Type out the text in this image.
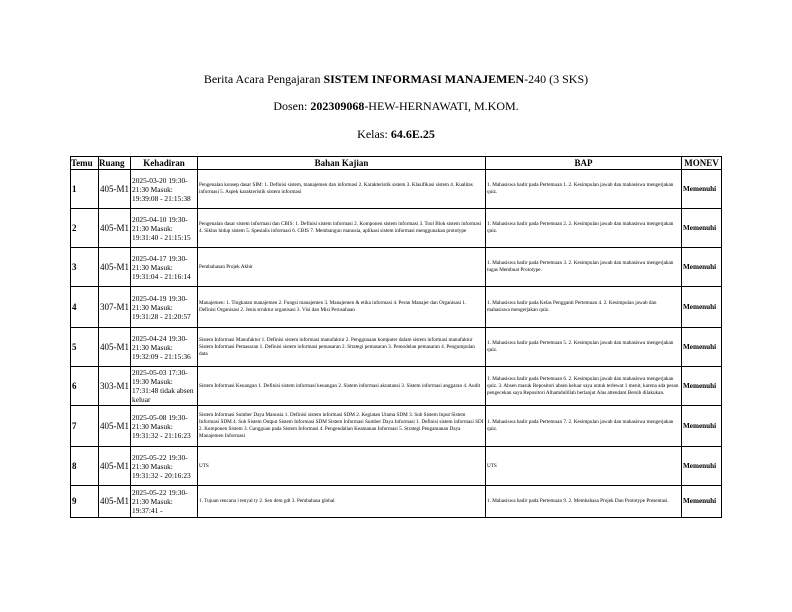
Berita Acara Pengajaran SISTEM INFORMASI MANAJEMEN-240 (3 SKS)
Dosen: 202309068-HEW-HERNAWATI, M.KOM.
Kelas: 64.6E.25
Temu	Ruang	Kehadiran	Bahan Kajian	BAP	MONEV
1	405-M1	2025-03-20 19:30-21:30 Masuk: 19:39:08 - 21:15:38	Pengenalan konsep dasar SIM: 1. Definisi sistem, manajemen dan informasi 2. Karakteristik sistem 3. Klasifikasi sistem 4. Kualitas informasi 5. Aspek karakteristik sistem informasi	1. Mahasiswa hadir pada Pertemuan 1. 2. Kesimpulan jawab dan mahasiswa mengerjakan quiz.	Memenuhi
2	405-M1	2025-04-10 19:30-21:30 Masuk: 19:31:40 - 21:15:15	Pengenalan dasar sistem informasi dan CBIS: 1. Definisi sistem informasi 2. Komponen sistem informasi 3. Tool Blok sistem informasi 4. Siklus hidup sistem 5. Spesialis informasi 6. CBIS 7. Membangun manusia, aplikasi sistem informasi menggunakan prototype	1. Mahasiswa hadir pada Pertemuan 2. 2. Kesimpulan jawab dan mahasiswa mengerjakan quiz.	Memenuhi
3	405-M1	2025-04-17 19:30-21:30 Masuk: 19:31:04 - 21:16:14	Pembahasan Projek Akhir	1. Mahasiswa hadir pada Pertemuan 3. 2. Kesimpulan jawab dan mahasiswa mengerjakan tugas Membuat Prototype.	Memenuhi
4	307-M1	2025-04-19 19:30-21:30 Masuk: 19:31:28 - 21:20:57	Manajemen: 1. Tingkatan manajemen 2. Fungsi manajemen 3. Manajemen & etika informasi 4. Peran Manajer dan Organisasi 1. Definisi Organisasi 2. Jenis struktur organisasi 3. Visi dan Misi Perusahaan	1. Mahasiswa hadir pada Kelas Pengganti Pertemuan 4. 2. Kesimpulan jawab dan mahasiswa mengerjakan quiz.	Memenuhi
5	405-M1	2025-04-24 19:30-21:30 Masuk: 19:32:09 - 21:15:36	Sistem Informasi Manufaktur 1. Definisi sistem informasi manufaktur 2. Penggunaan komputer dalam sistem informasi manufaktur Sistem Informasi Pemasaran 1. Definisi sistem informasi pemasaran 2. Strategi pemasaran 3. Pemodelan pemasaran 4. Pengumpulan data	1. Mahasiswa hadir pada Pertemuan 5. 2. Kesimpulan jawab dan mahasiswa mengerjakan quiz.	Memenuhi
6	303-M1	2025-05-03 17:30-19:30 Masuk: 17:31:48 tidak absen keluar	Sistem Informasi Keuangan 1. Definisi sistem informasi keuangan 2. Sistem informasi akuntansi 3. Sistem informasi anggaran 4. Audit	1. Mahasiswa hadir pada Pertemuan 6. 2. Kesimpulan jawab dan mahasiswa mengerjakan quiz. 3. Absen masuk Repositori absen keluar saya untuk terlewat 1 menit, karena ada pesan pengecekan saya Repositori Alhamdulillah berlanjut Alas attendant Bersih dilakukan.	Memenuhi
7	405-M1	2025-05-08 19:30-21:30 Masuk: 19:31:32 - 21:16:23	Sistem Informasi Sumber Daya Manusia 1. Definisi sistem informasi SDM 2. Kegiatan Utama SDM 3. Sub Sistem Input Sistem Informasi SDM 4. Sub Sistem Output Sistem Informasi SDM Sistem Informasi Sumber Daya Informasi 1. Definisi sistem informasi SDI 2. Komponen Sistem 3. Gangguan pada Sistem Informasi 4. Pengendalian Keamanan Informasi 5. Strategi Pengamanan Daya Manajemen Informasi	1. Mahasiswa hadir pada Pertemuan 7. 2. Kesimpulan jawab dan mahasiswa mengerjakan quiz.	Memenuhi
8	405-M1	2025-05-22 19:30-21:30 Masuk: 19:31:32 - 20:16:23	UTS	UTS	Memenuhi
9	405-M1	2025-05-22 19:30-21:30 Masuk: 19:37:41 -	1. Tujuan rencana i tenyal ty 2. Sen dem gdt 3. Pembahasa global	1. Mahasiswa hadir pada Pertemuan 9. 2. Membahasa Projek Dan Prototype Presentasi.	Memenuhi
